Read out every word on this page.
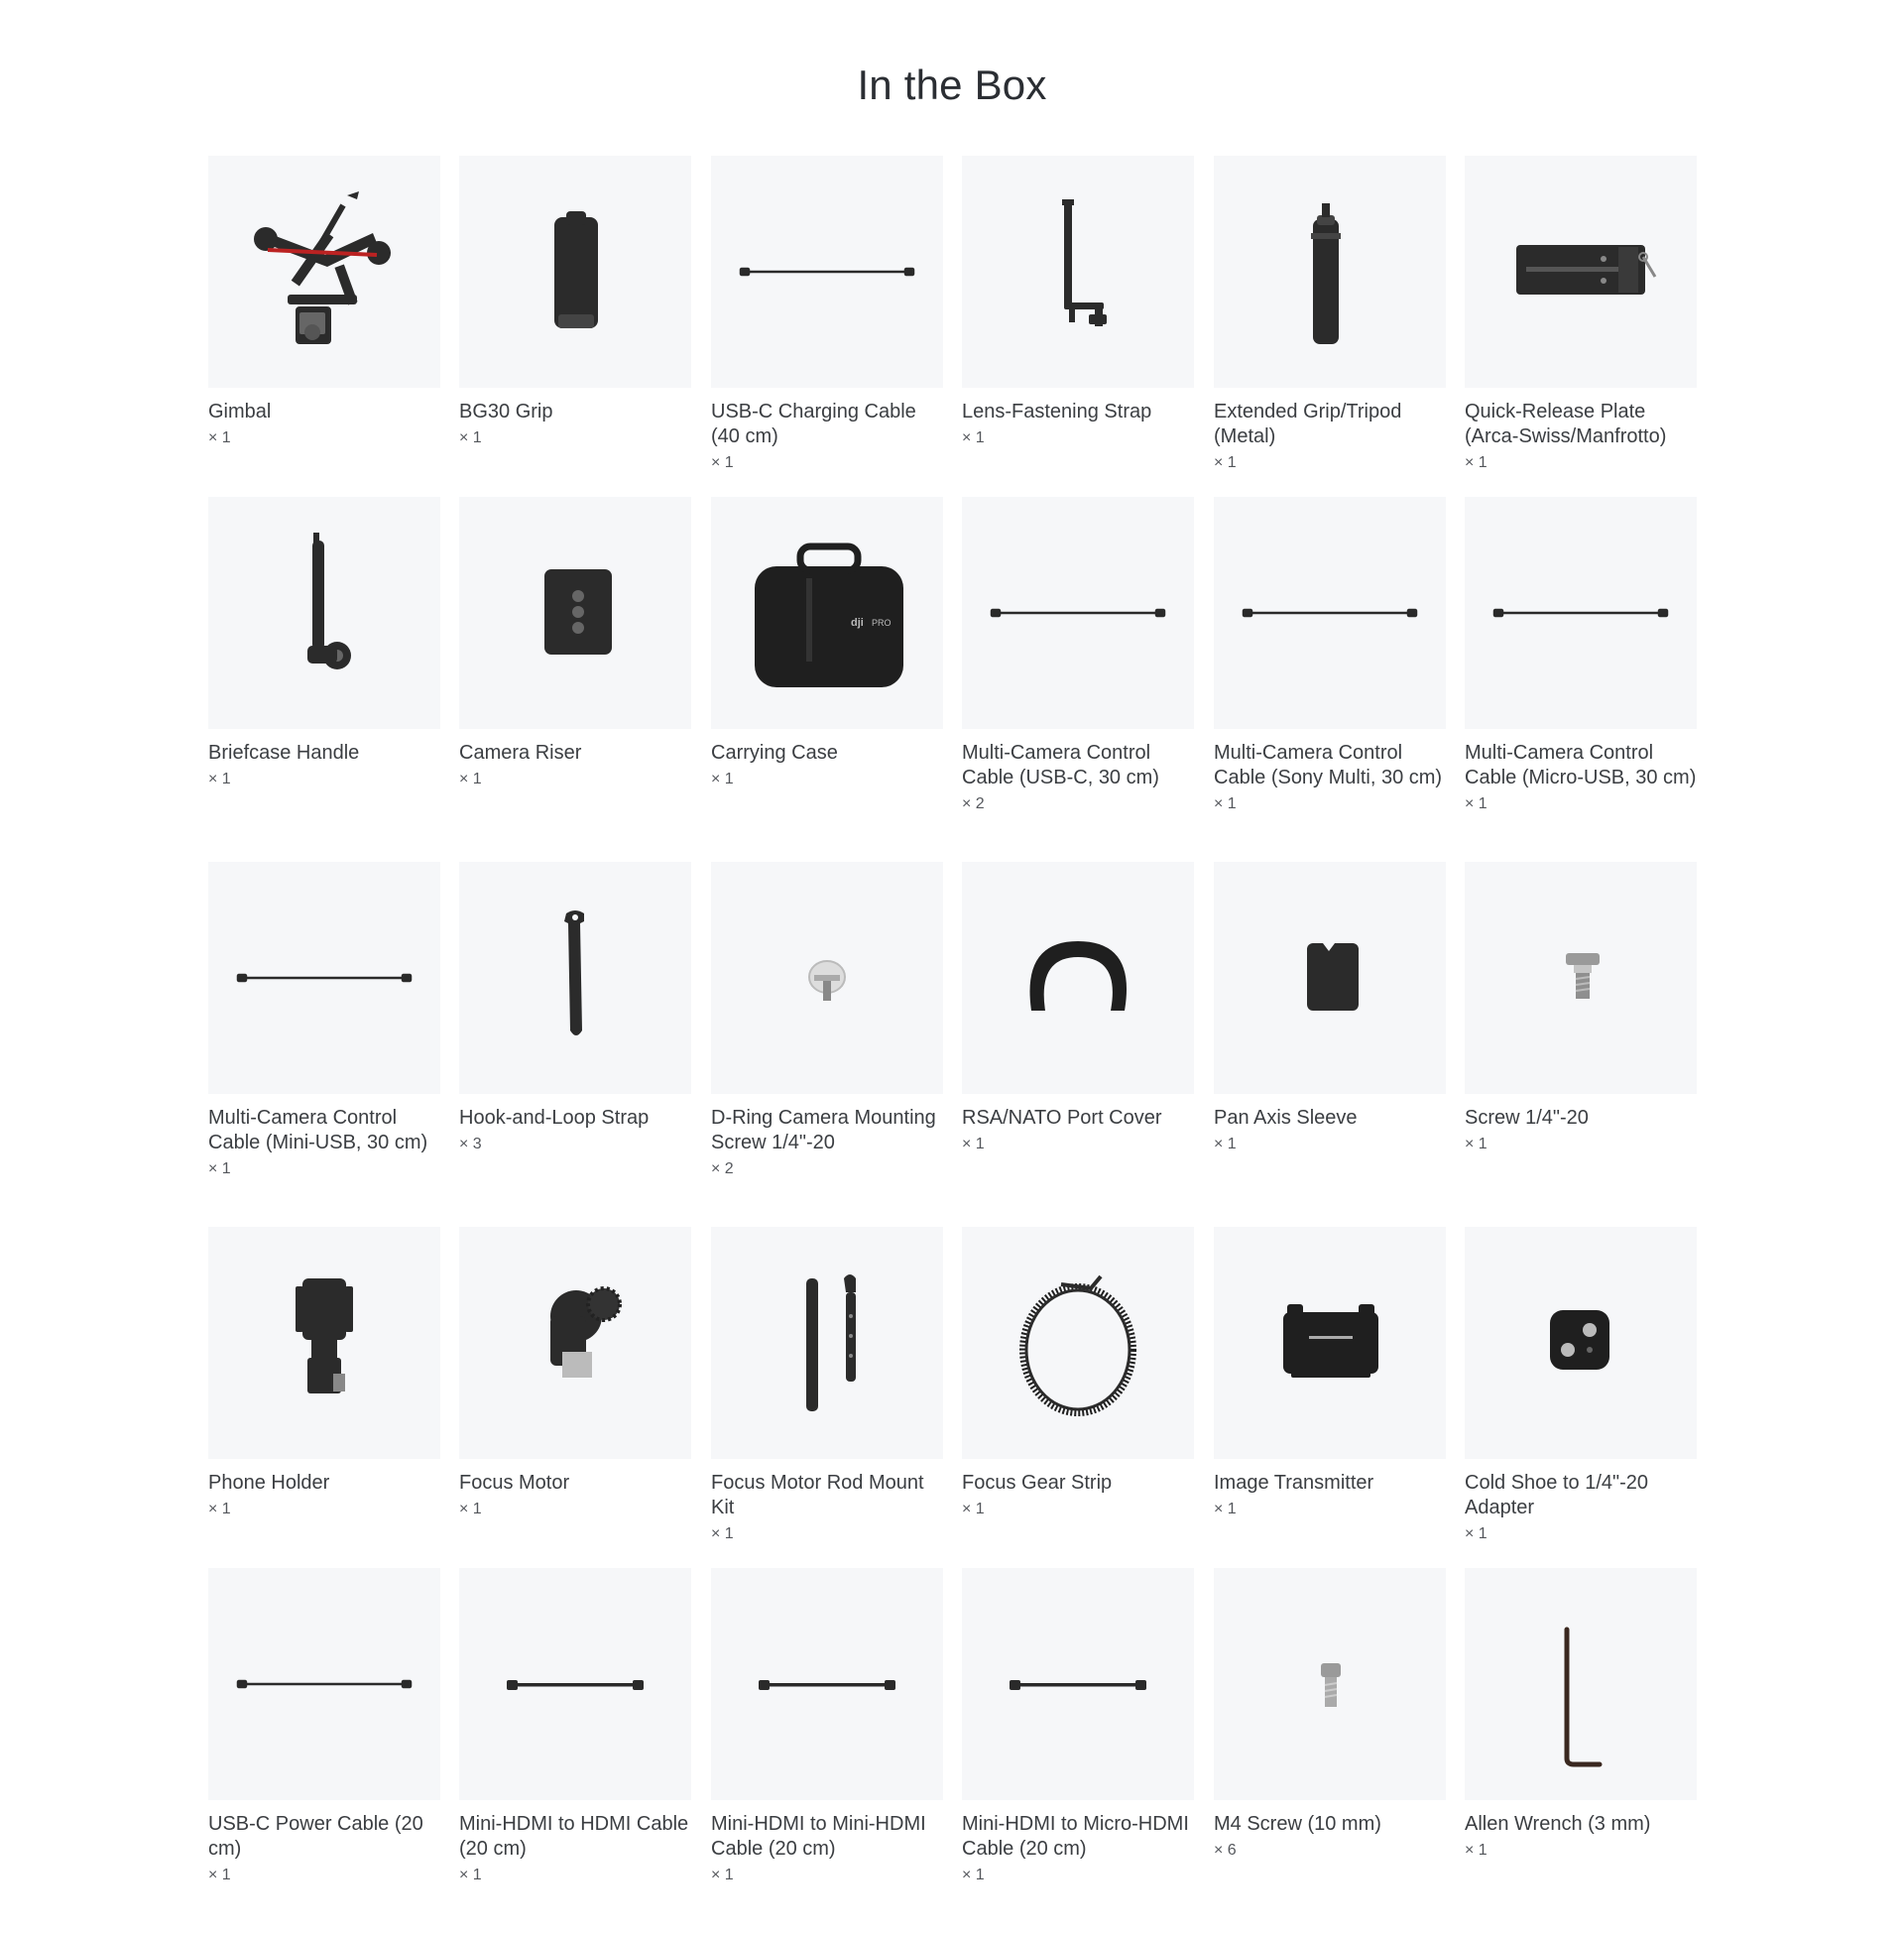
In the Box
Gimbal
× 1
BG30 Grip
× 1
USB-C Charging Cable (40 cm)
× 1
Lens-Fastening Strap
× 1
Extended Grip/Tripod (Metal)
× 1
Quick-Release Plate (Arca-Swiss/Manfrotto)
× 1
Briefcase Handle
× 1
Camera Riser
× 1
dji PRO
Carrying Case
× 1
Multi-Camera Control Cable (USB-C, 30 cm)
× 2
Multi-Camera Control Cable (Sony Multi, 30 cm)
× 1
Multi-Camera Control Cable (Micro-USB, 30 cm)
× 1
Multi-Camera Control Cable (Mini-USB, 30 cm)
× 1
Hook-and-Loop Strap
× 3
D-Ring Camera Mounting Screw 1/4"-20
× 2
RSA/NATO Port Cover
× 1
Pan Axis Sleeve
× 1
Screw 1/4"-20
× 1
Phone Holder
× 1
Focus Motor
× 1
Focus Motor Rod Mount Kit
× 1
Focus Gear Strip
× 1
Image Transmitter
× 1
Cold Shoe to 1/4"-20 Adapter
× 1
USB-C Power Cable (20 cm)
× 1
Mini-HDMI to HDMI Cable (20 cm)
× 1
Mini-HDMI to Mini-HDMI Cable (20 cm)
× 1
Mini-HDMI to Micro-HDMI Cable (20 cm)
× 1
M4 Screw (10 mm)
× 6
Allen Wrench (3 mm)
× 1
